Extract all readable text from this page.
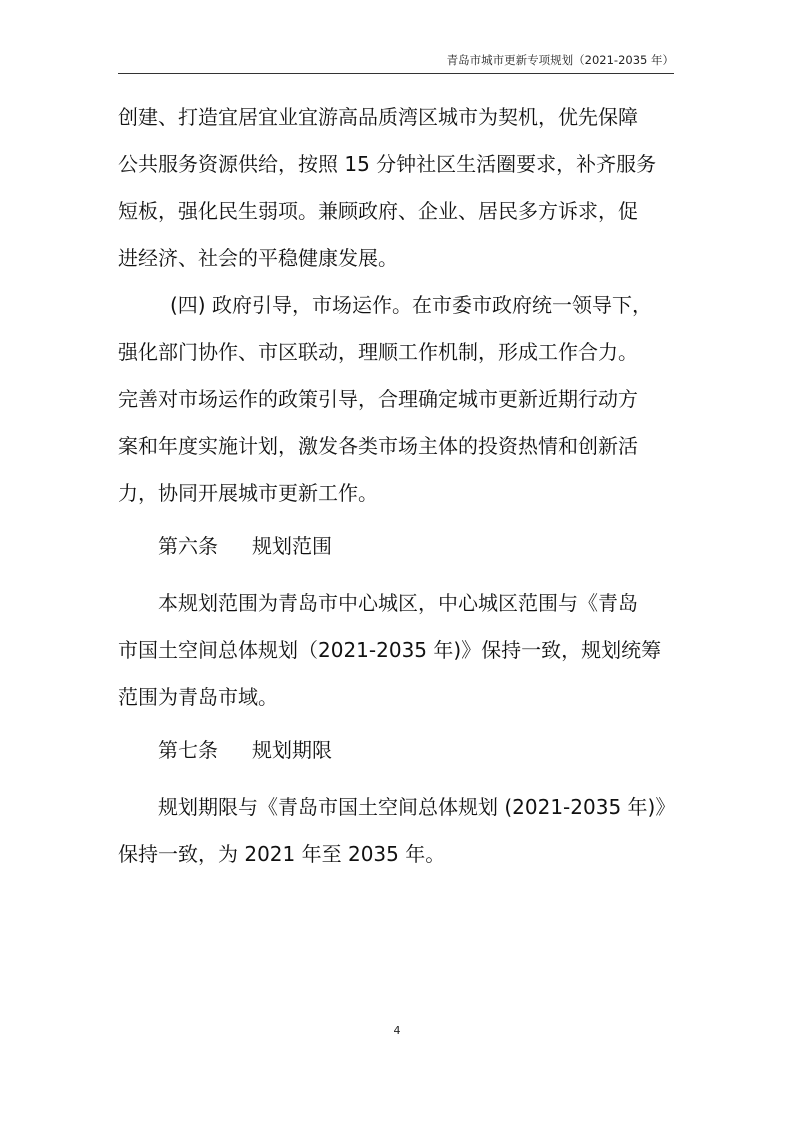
青岛市城市更新专项规划（2021-2035 年）

创建、打造宜居宜业宜游高品质湾区城市为契机，优先保障

公共服务资源供给，按照 15 分钟社区生活圈要求，补齐服务

短板，强化民生弱项。兼顾政府、企业、居民多方诉求，促

进经济、社会的平稳健康发展。

(四) 政府引导，市场运作。在市委市政府统一领导下，

强化部门协作、市区联动，理顺工作机制，形成工作合力。

完善对市场运作的政策引导，合理确定城市更新近期行动方

案和年度实施计划，激发各类市场主体的投资热情和创新活

力，协同开展城市更新工作。

第六条 规划范围

本规划范围为青岛市中心城区，中心城区范围与《青岛

市国土空间总体规划（2021-2035 年)》保持一致，规划统筹

范围为青岛市域。

第七条 规划期限

规划期限与《青岛市国土空间总体规划 (2021-2035 年)》

保持一致，为 2021 年至 2035 年。

4
